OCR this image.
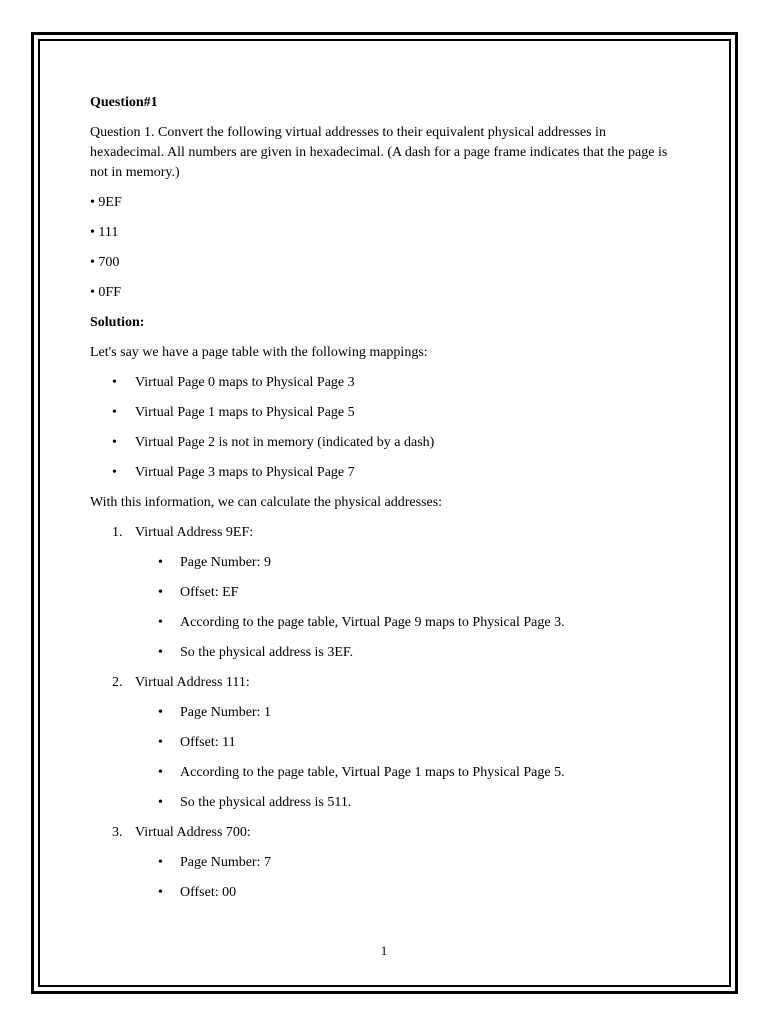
Question#1
Question 1. Convert the following virtual addresses to their equivalent physical addresses in hexadecimal. All numbers are given in hexadecimal. (A dash for a page frame indicates that the page is not in memory.)
• 9EF
• 111
• 700
• 0FF
Solution:
Let's say we have a page table with the following mappings:
• Virtual Page 0 maps to Physical Page 3
• Virtual Page 1 maps to Physical Page 5
• Virtual Page 2 is not in memory (indicated by a dash)
• Virtual Page 3 maps to Physical Page 7
With this information, we can calculate the physical addresses:
1. Virtual Address 9EF:
• Page Number: 9
• Offset: EF
• According to the page table, Virtual Page 9 maps to Physical Page 3.
• So the physical address is 3EF.
2. Virtual Address 111:
• Page Number: 1
• Offset: 11
• According to the page table, Virtual Page 1 maps to Physical Page 5.
• So the physical address is 511.
3. Virtual Address 700:
• Page Number: 7
• Offset: 00
1
